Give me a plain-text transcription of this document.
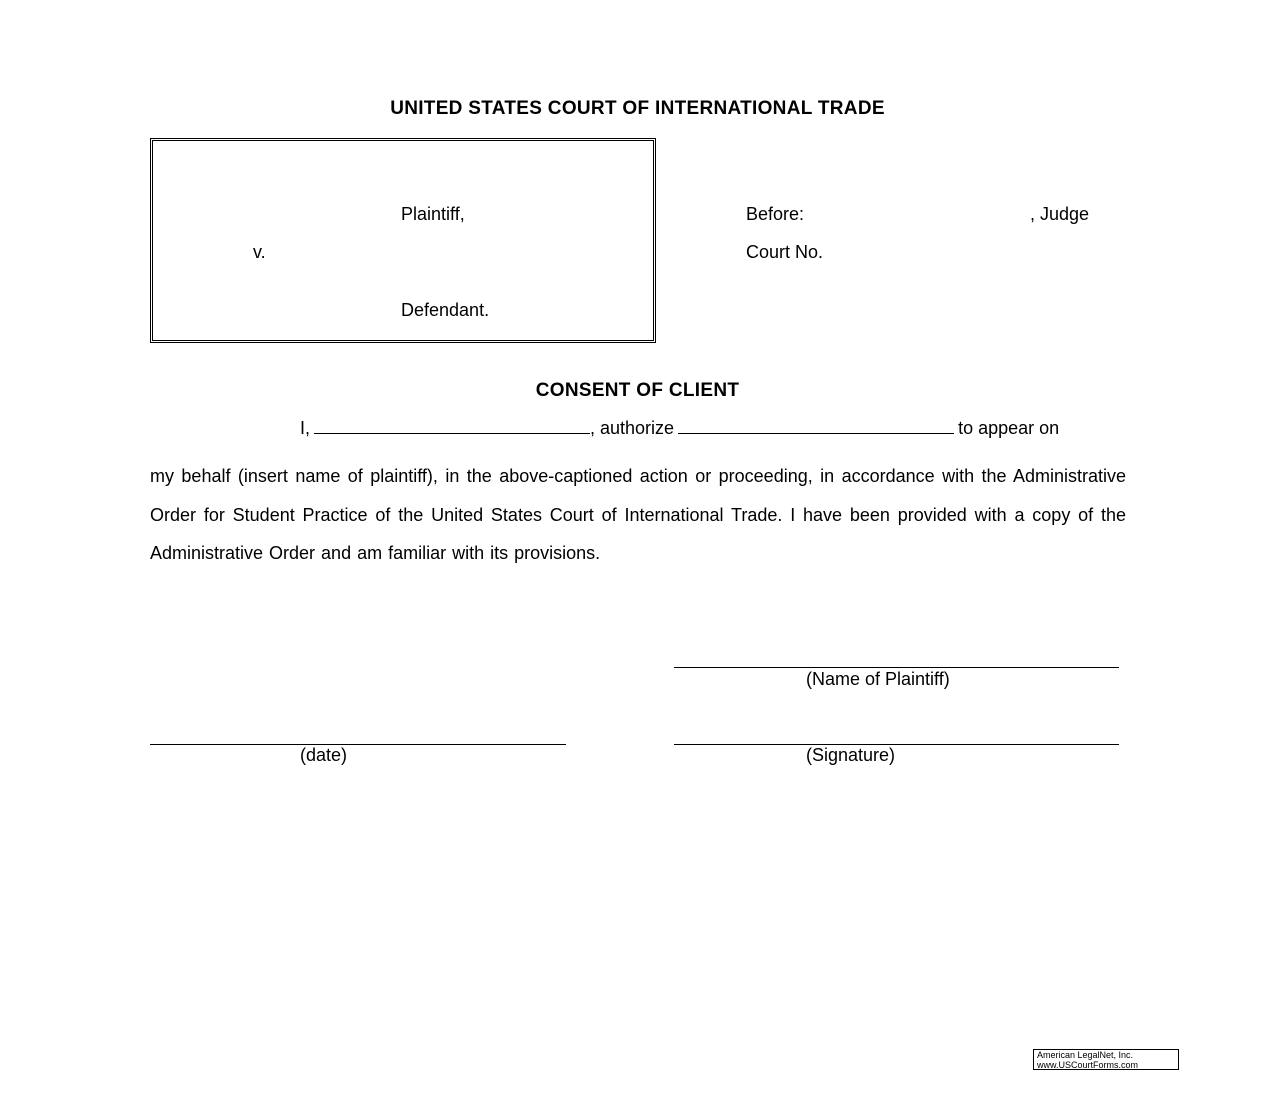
UNITED STATES COURT OF INTERNATIONAL TRADE
Plaintiff,
v.
Defendant.
Before:	, Judge
Court No.
CONSENT OF CLIENT
I,	, authorize	to appear on
my behalf (insert name of plaintiff), in the above-captioned action or proceeding, in accordance with the Administrative Order for Student Practice of the United States Court of International Trade. I have been provided with a copy of the Administrative Order and am familiar with its provisions.
(Name of Plaintiff)
(date)	(Signature)
American LegalNet, Inc.
www.USCourtForms.com
